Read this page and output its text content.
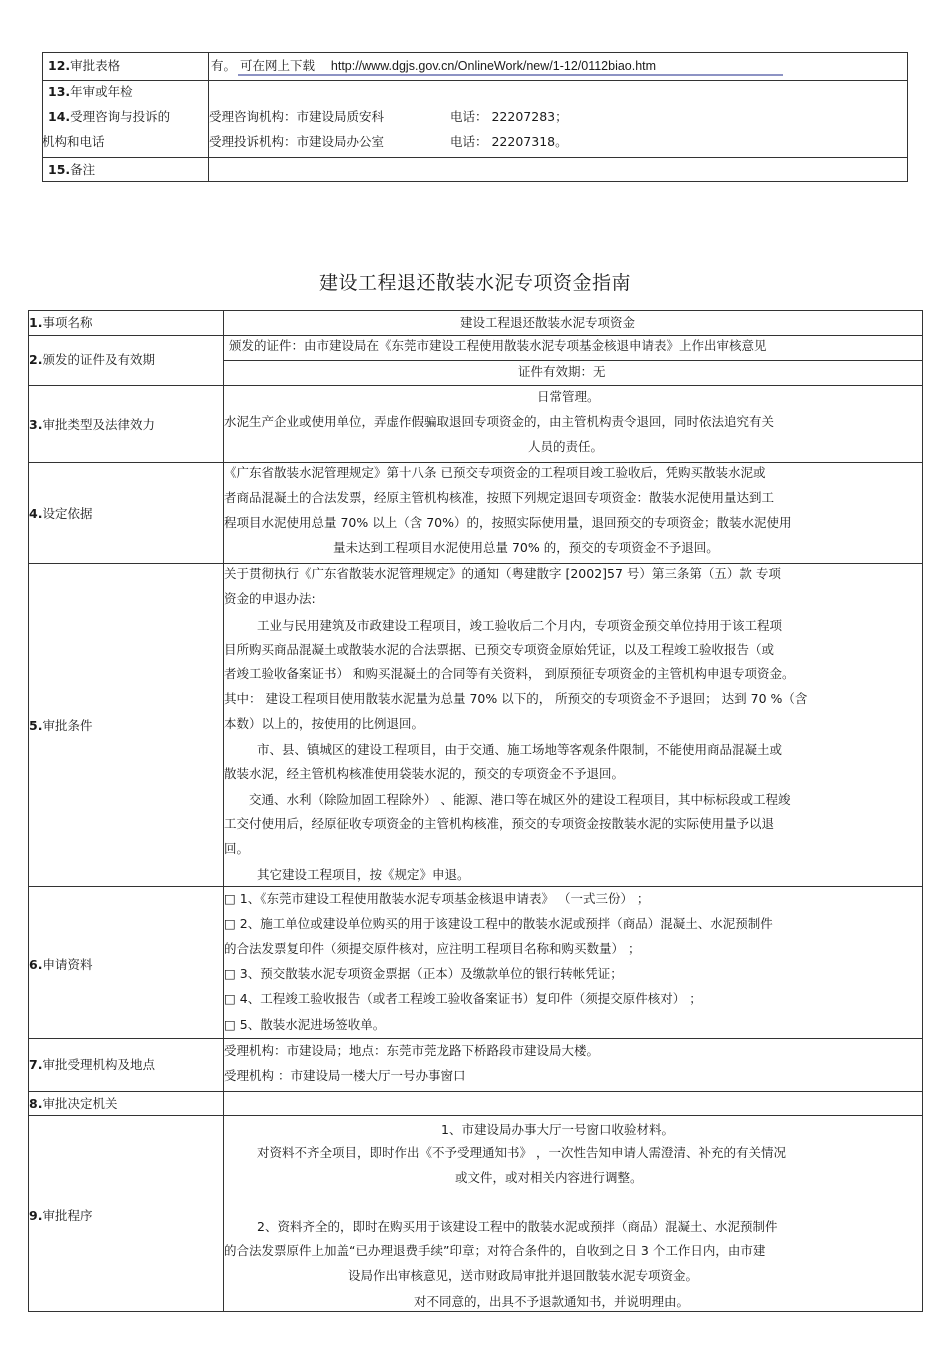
12.审批表格	有。 可在网上下载 http://www.dgjs.gov.cn/OnlineWork/new/1-12/0112biao.htm
13.年审或年检
14.受理咨询与投诉的
机构和电话
受理咨询机构：市建设局质安科	电话： 22207283；
受理投诉机构：市建设局办公室	电话： 22207318。
15.备注
建设工程退还散装水泥专项资金指南
1.事项名称	建设工程退还散装水泥专项资金
2.颁发的证件及有效期
颁发的证件：由市建设局在《东莞市建设工程使用散装水泥专项基金核退申请表》上作出审核意见
证件有效期：无
3.审批类型及法律效力
日常管理。
水泥生产企业或使用单位，弄虚作假骗取退回专项资金的，由主管机构责令退回，同时依法追究有关
人员的责任。
4.设定依据
《广东省散装水泥管理规定》第十八条 已预交专项资金的工程项目竣工验收后，凭购买散装水泥或
者商品混凝土的合法发票，经原主管机构核准，按照下列规定退回专项资金：散装水泥使用量达到工
程项目水泥使用总量 70% 以上（含 70%）的，按照实际使用量，退回预交的专项资金；散装水泥使用
量未达到工程项目水泥使用总量 70% 的，预交的专项资金不予退回。
5.审批条件
关于贯彻执行《广东省散装水泥管理规定》的通知（粤建散字 [2002]57 号）第三条第（五）款 专项
资金的申退办法:
工业与民用建筑及市政建设工程项目，竣工验收后二个月内，专项资金预交单位持用于该工程项
目所购买商品混凝土或散装水泥的合法票据、已预交专项资金原始凭证，以及工程竣工验收报告（或
者竣工验收备案证书） 和购买混凝土的合同等有关资料， 到原预征专项资金的主管机构申退专项资金。
其中： 建设工程项目使用散装水泥量为总量 70% 以下的， 所预交的专项资金不予退回； 达到 70 %（含
本数）以上的，按使用的比例退回。
市、县、镇城区的建设工程项目，由于交通、施工场地等客观条件限制，不能使用商品混凝土或
散装水泥，经主管机构核准使用袋装水泥的，预交的专项资金不予退回。
交通、水利（除险加固工程除外） 、能源、港口等在城区外的建设工程项目，其中标标段或工程竣
工交付使用后，经原征收专项资金的主管机构核准，预交的专项资金按散装水泥的实际使用量予以退
回。
其它建设工程项目，按《规定》申退。
6.申请资料
□ 1、《东莞市建设工程使用散装水泥专项基金核退申请表》 （一式三份） ；
□ 2、施工单位或建设单位购买的用于该建设工程中的散装水泥或预拌（商品）混凝土、水泥预制件
的合法发票复印件（须提交原件核对，应注明工程项目名称和购买数量） ；
□ 3、预交散装水泥专项资金票据（正本）及缴款单位的银行转帐凭证；
□ 4、工程竣工验收报告（或者工程竣工验收备案证书）复印件（须提交原件核对） ；
□ 5、散装水泥进场签收单。
7.审批受理机构及地点
受理机构：市建设局；地点：东莞市莞龙路下桥路段市建设局大楼。
受理机构 ：市建设局一楼大厅一号办事窗口
8.审批决定机关
9.审批程序
1、市建设局办事大厅一号窗口收验材料。
对资料不齐全项目，即时作出《不予受理通知书》 ，一次性告知申请人需澄清、补充的有关情况
或文件，或对相关内容进行调整。
2、资料齐全的，即时在购买用于该建设工程中的散装水泥或预拌（商品）混凝土、水泥预制件
的合法发票原件上加盖“已办理退费手续”印章；对符合条件的，自收到之日 3 个工作日内，由市建
设局作出审核意见，送市财政局审批并退回散装水泥专项资金。
对不同意的，出具不予退款通知书，并说明理由。
